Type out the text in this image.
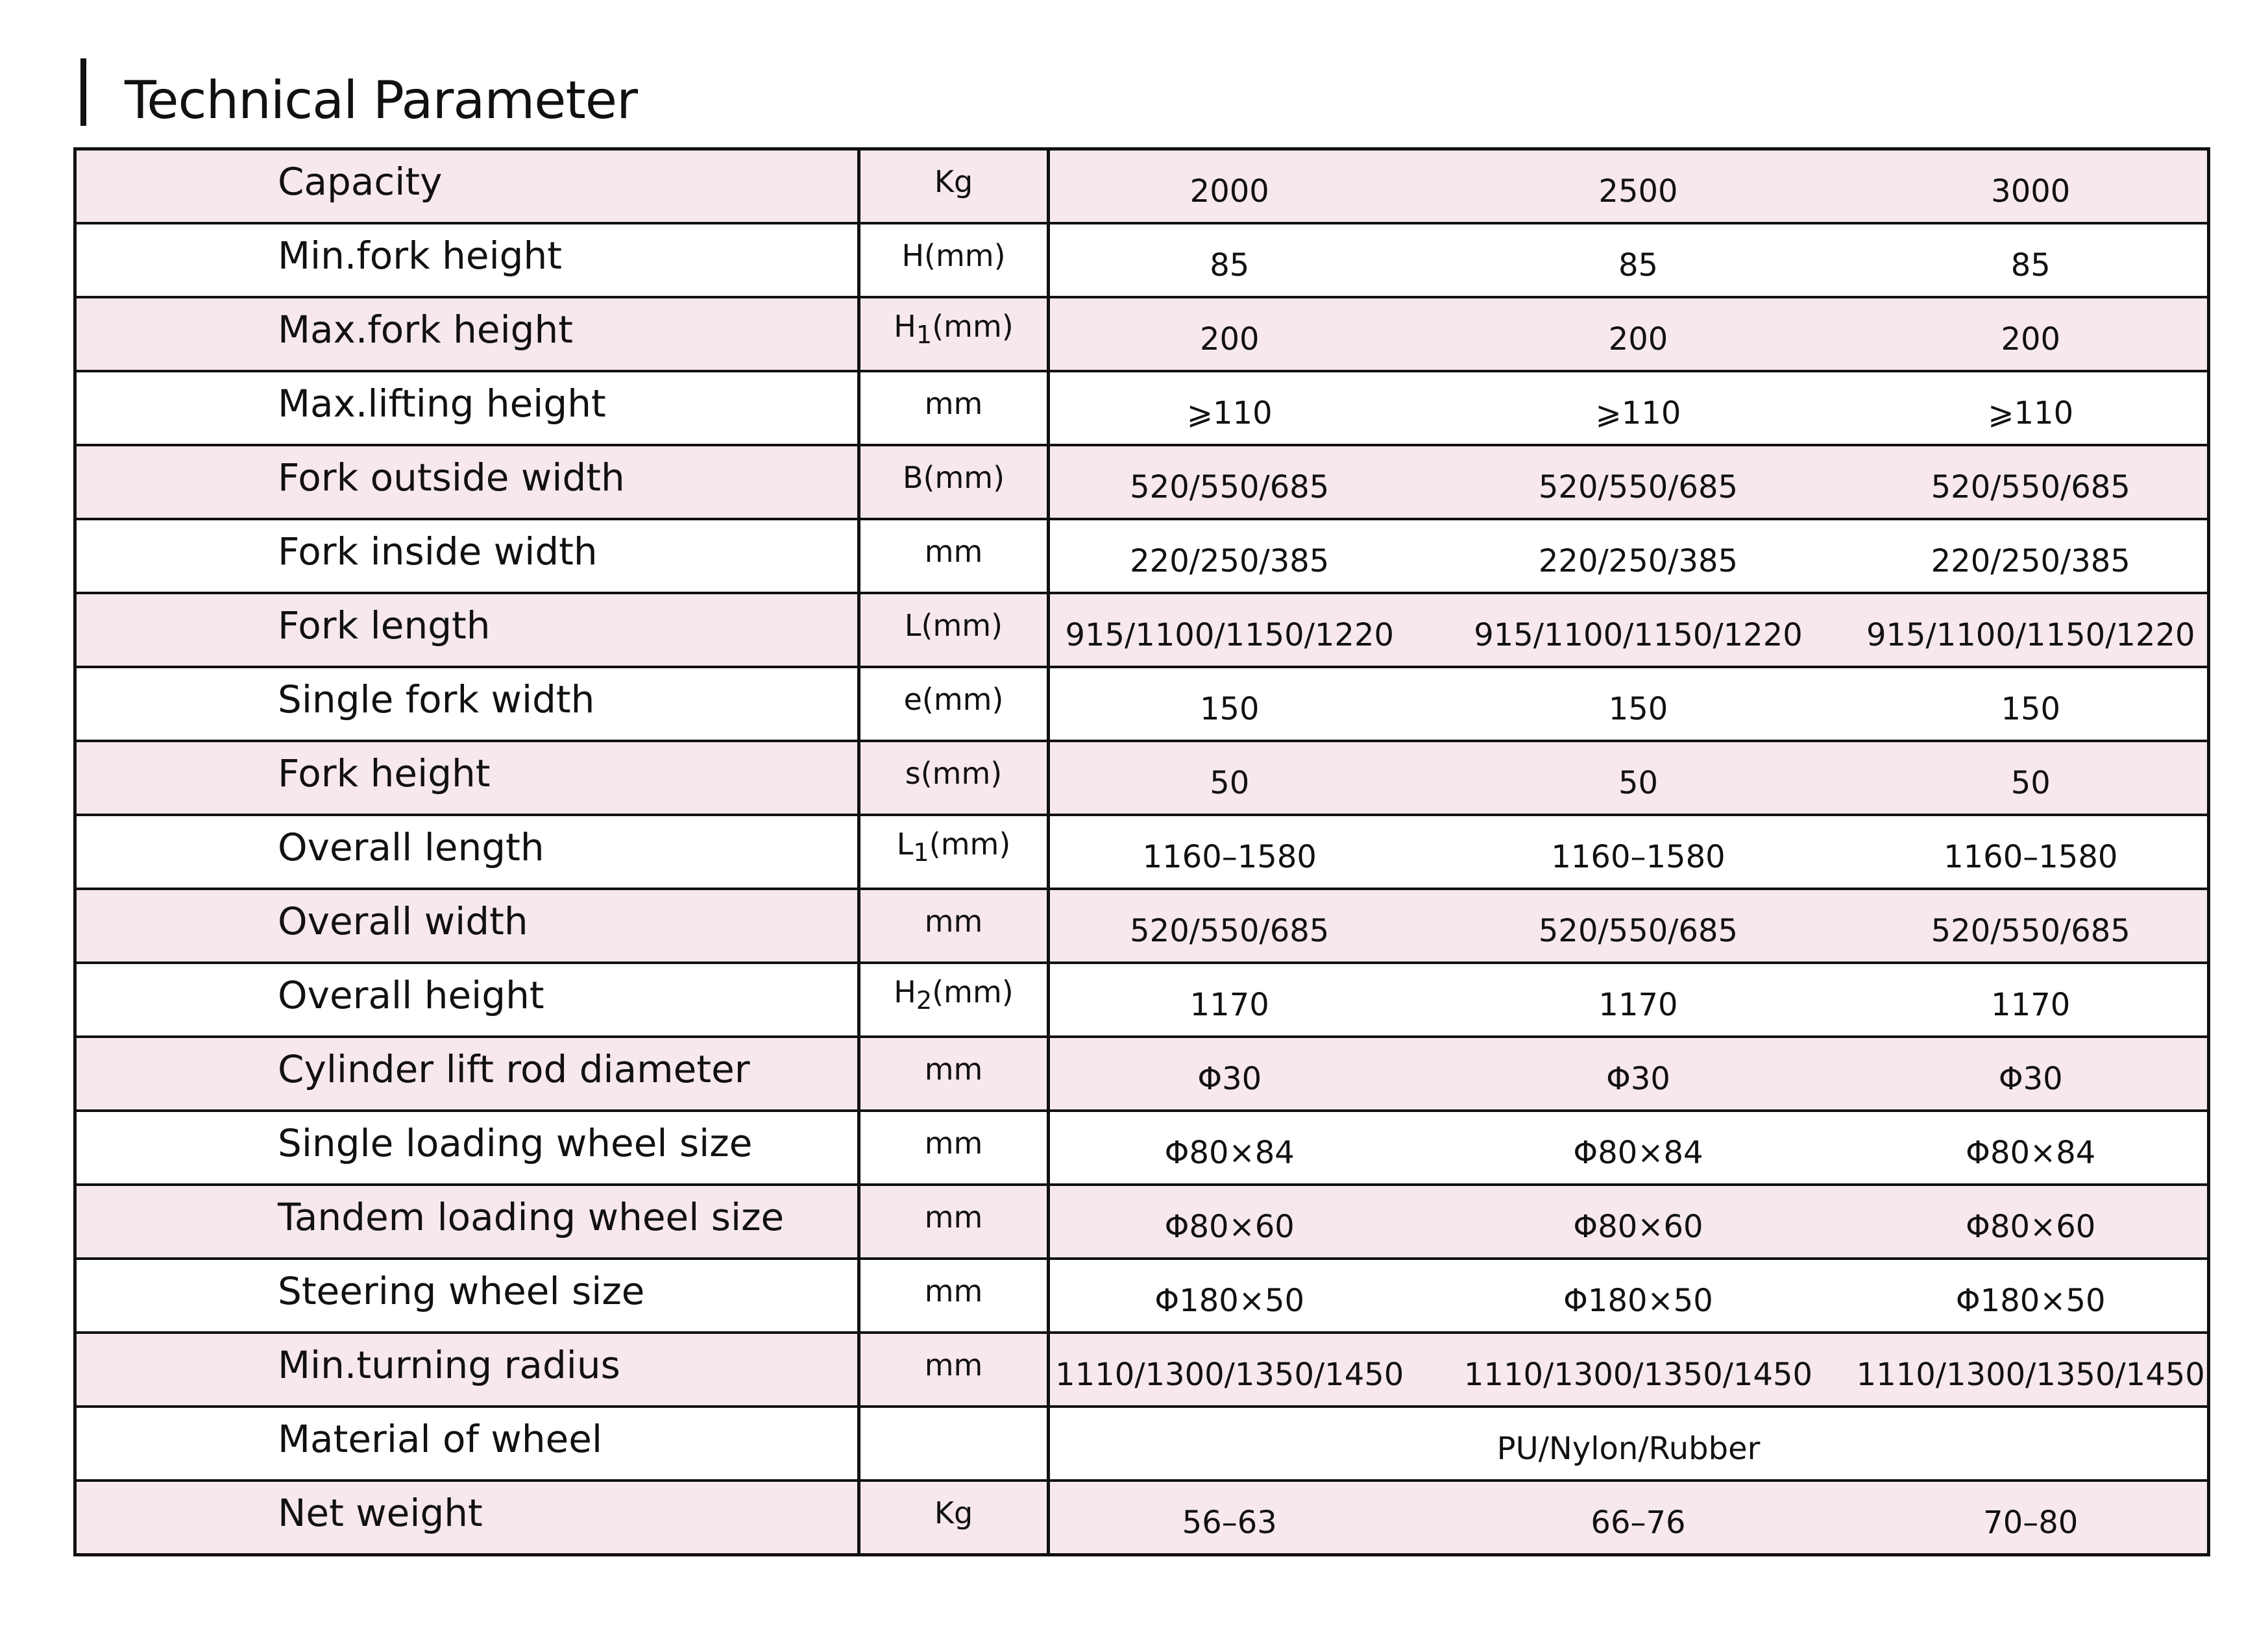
Technical Parameter
Capacity	Kg	2000	2500	3000
Min.fork height	H(mm)	85	85	85
Max.fork height	$H_1(mm)$	200	200	200
Max.lifting height	mm	⩾110	⩾110	⩾110
Fork outside width	B(mm)	520/550/685	520/550/685	520/550/685
Fork inside width	mm	220/250/385	220/250/385	220/250/385
Fork length	L(mm)	915/1100/1150/1220	915/1100/1150/1220	915/1100/1150/1220
Single fork width	e(mm)	150	150	150
Fork height	s(mm)	50	50	50
Overall length	$L_1(mm)$	1160–1580	1160–1580	1160–1580
Overall width	mm	520/550/685	520/550/685	520/550/685
Overall height	$H_2(mm)$	1170	1170	1170
Cylinder lift rod diameter	mm	Φ30	Φ30	Φ30
Single loading wheel size	mm	Φ80×84	Φ80×84	Φ80×84
Tandem loading wheel size	mm	Φ80×60	Φ80×60	Φ80×60
Steering wheel size	mm	Φ180×50	Φ180×50	Φ180×50
Min.turning radius	mm	1110/1300/1350/1450	1110/1300/1350/1450	1110/1300/1350/1450
Material of wheel		PU/Nylon/Rubber		
Net weight	Kg	56–63	66–76	70–80
